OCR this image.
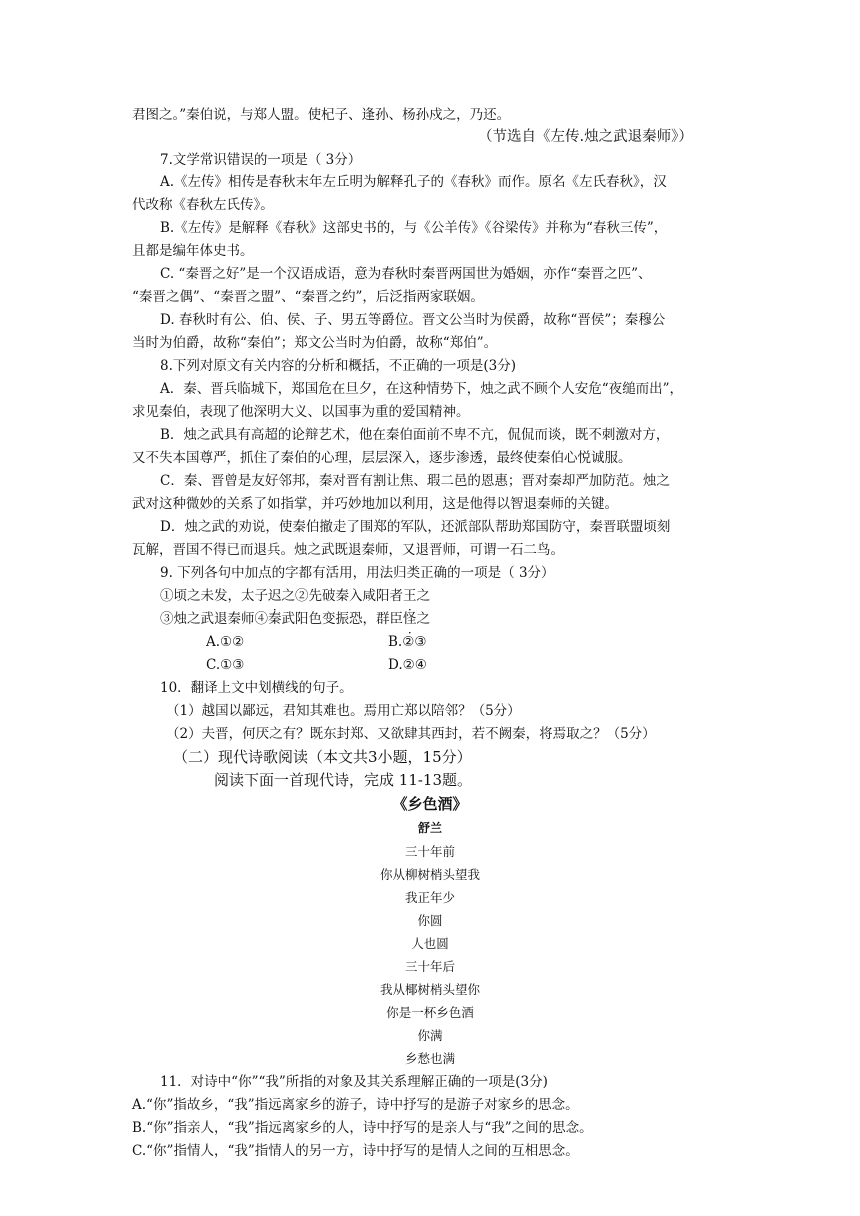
君图之。”秦伯说，与郑人盟。使杞子、逢孙、杨孙戍之，乃还。
（节选自《左传.烛之武退秦师》）
7.文学常识错误的一项是（ 3分）
A.《左传》相传是春秋末年左丘明为解释孔子的《春秋》而作。原名《左氏春秋》，汉
代改称《春秋左氏传》。
B.《左传》是解释《春秋》这部史书的，与《公羊传》《谷梁传》并称为“春秋三传”，
且都是编年体史书。
C. “秦晋之好”是一个汉语成语，意为春秋时秦晋两国世为婚姻，亦作“秦晋之匹”、
“秦晋之偶”、“秦晋之盟”、“秦晋之约”，后泛指两家联姻。
D. 春秋时有公、伯、侯、子、男五等爵位。晋文公当时为侯爵，故称“晋侯”；秦穆公
当时为伯爵，故称“秦伯”；郑文公当时为伯爵，故称“郑伯”。
8.下列对原文有关内容的分析和概括，不正确的一项是(3分)
A．秦、晋兵临城下，郑国危在旦夕，在这种情势下，烛之武不顾个人安危“夜缒而出”，
求见秦伯，表现了他深明大义、以国事为重的爱国精神。
B．烛之武具有高超的论辩艺术，他在秦伯面前不卑不亢，侃侃而谈，既不刺激对方，
又不失本国尊严，抓住了秦伯的心理，层层深入，逐步渗透，最终使秦伯心悦诚服。
C．秦、晋曾是友好邻邦，秦对晋有割让焦、瑕二邑的恩惠；晋对秦却严加防范。烛之
武对这种微妙的关系了如指掌，并巧妙地加以利用，这是他得以智退秦师的关键。
D．烛之武的劝说，使秦伯撤走了围郑的军队，还派部队帮助郑国防守，秦晋联盟顷刻
瓦解，晋国不得已而退兵。烛之武既退秦师，又退晋师，可谓一石二鸟。
9. 下列各句中加点的字都有活用，用法归类正确的一项是（ 3分）
①顷之未发，太子迟之②先破秦入咸阳者王之
③烛之武退秦师④秦武阳色变振恐，群臣怪之
A.①②	B.②③
C.①③	D.②④
10．翻译上文中划横线的句子。
（1）越国以鄙远，君知其难也。焉用亡郑以陪邻？（5分）
（2）夫晋，何厌之有？既东封郑、又欲肆其西封，若不阙秦，将焉取之？（5分）
（二）现代诗歌阅读（本文共3小题，15分）
阅读下面一首现代诗，完成 11-13题。
《乡色酒》
舒兰
三十年前
你从柳树梢头望我
我正年少
你圆
人也圆
三十年后
我从椰树梢头望你
你是一杯乡色酒
你满
乡愁也满
11．对诗中“你”“我”所指的对象及其关系理解正确的一项是(3分)
A.“你”指故乡，“我”指远离家乡的游子，诗中抒写的是游子对家乡的思念。
B.“你”指亲人，“我”指远离家乡的人，诗中抒写的是亲人与“我”之间的思念。
C.“你”指情人，“我”指情人的另一方，诗中抒写的是情人之间的互相思念。
